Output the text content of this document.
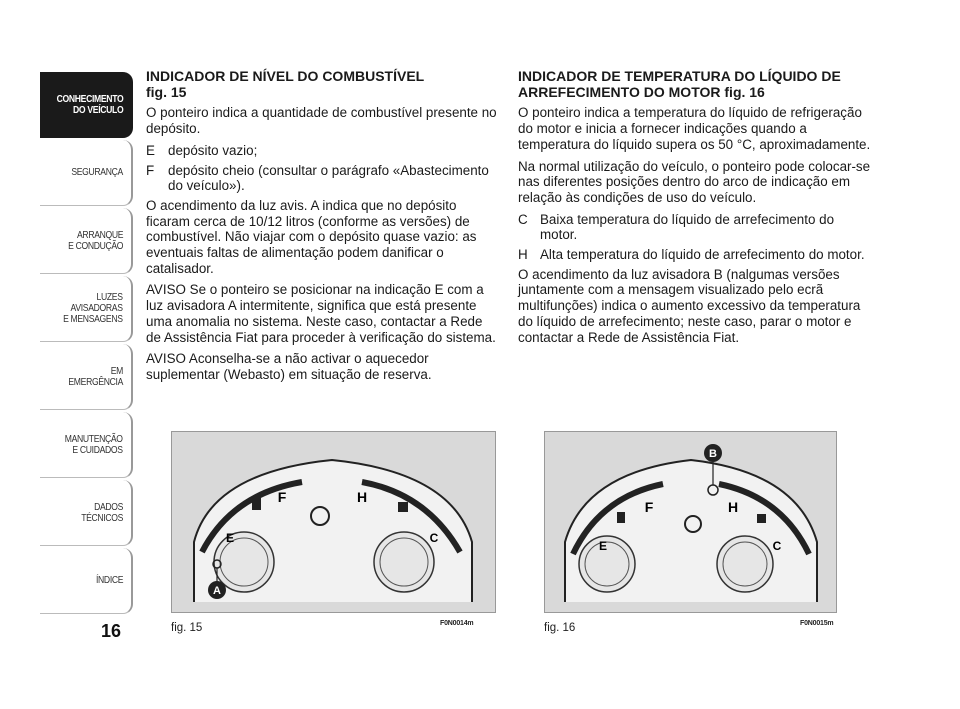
CONHECIMENTO
DO VEÍCULO
SEGURANÇA
ARRANQUE
E CONDUÇÃO
LUZES
AVISADORAS
E MENSAGENS
EM EMERGÊNCIA
MANUTENÇÃO
E CUIDADOS
DADOS
TÉCNICOS
ÍNDICE
16
INDICADOR DE NÍVEL DO COMBUSTÍVEL
fig. 15

O ponteiro indica a quantidade de combustível presente no depósito.

E depósito vazio;
F	depósito cheio (consultar o parágrafo «Abastecimento do veículo»).

O acendimento da luz avis. A indica que no depósito ficaram cerca de 10/12 litros (conforme as versões) de combustível. Não viajar com o depósito quase vazio: as eventuais faltas de alimentação podem danificar o catalisador.

AVISO Se o ponteiro se posicionar na indicação E com a luz avisadora A intermitente, significa que está presente uma anomalia no sistema. Neste caso, contactar a Rede de Assistência Fiat para proceder à verificação do sistema.

AVISO Aconselha-se a não activar o aquecedor suplementar (Webasto) em situação de reserva.

INDICADOR DE TEMPERATURA DO LÍQUIDO DE ARREFECIMENTO DO MOTOR fig. 16

O ponteiro indica a temperatura do líquido de refrigeração do motor e inicia a fornecer indicações quando a temperatura do líquido supera os 50 °C, aproximadamente.

Na normal utilização do veículo, o ponteiro pode colocar-se nas diferentes posições dentro do arco de indicação em relação às condições de uso do veículo.

C Baixa temperatura do líquido de arrefecimento do motor.
H Alta temperatura do líquido de arrefecimento do motor.

O acendimento da luz avisadora B (nalgumas versões juntamente com a mensagem visualizado pelo ecrã multifunções) indica o aumento excessivo da temperatura do líquido de arrefecimento; neste caso, parar o motor e contactar a Rede de Assistência Fiat.

A
E
F	H
C
fig. 15	F0N0014m
B
E
F	H
C
fig. 16	F0N0015m
